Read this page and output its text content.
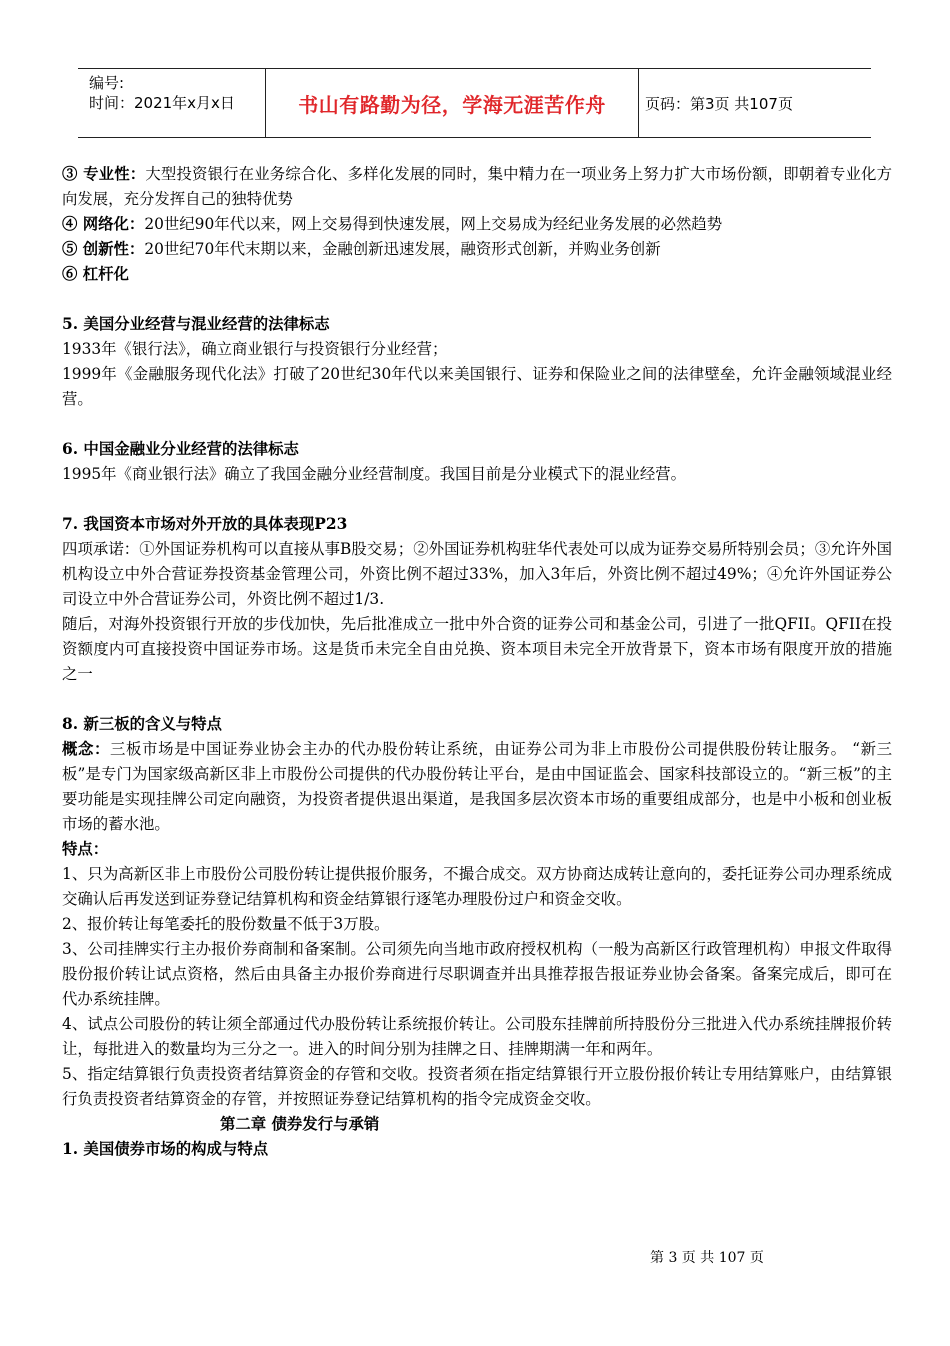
编号:
时间：2021年x月x日	书山有路勤为径，学海无涯苦作舟	页码：第3页 共107页

③ 专业性：大型投资银行在业务综合化、多样化发展的同时，集中精力在一项业务上努力扩大市场份额，即朝着专业化方向发展，充分发挥自己的独特优势

④ 网络化：20世纪90年代以来，网上交易得到快速发展，网上交易成为经纪业务发展的必然趋势

⑤ 创新性：20世纪70年代末期以来，金融创新迅速发展，融资形式创新，并购业务创新

⑥ 杠杆化

5. 美国分业经营与混业经营的法律标志

1933年《银行法》，确立商业银行与投资银行分业经营；

1999年《金融服务现代化法》打破了20世纪30年代以来美国银行、证券和保险业之间的法律壁垒，允许金融领域混业经营。

6. 中国金融业分业经营的法律标志

1995年《商业银行法》确立了我国金融分业经营制度。我国目前是分业模式下的混业经营。

7. 我国资本市场对外开放的具体表现P23

四项承诺：①外国证券机构可以直接从事B股交易；②外国证券机构驻华代表处可以成为证券交易所特别会员；③允许外国机构设立中外合营证券投资基金管理公司，外资比例不超过33%，加入3年后，外资比例不超过49%；④允许外国证券公司设立中外合营证券公司，外资比例不超过1/3.

随后，对海外投资银行开放的步伐加快，先后批准成立一批中外合资的证券公司和基金公司，引进了一批QFII。QFII在投资额度内可直接投资中国证券市场。这是货币未完全自由兑换、资本项目未完全开放背景下，资本市场有限度开放的措施之一

8. 新三板的含义与特点

概念：三板市场是中国证券业协会主办的代办股份转让系统，由证券公司为非上市股份公司提供股份转让服务。 “新三板”是专门为国家级高新区非上市股份公司提供的代办股份转让平台，是由中国证监会、国家科技部设立的。“新三板”的主要功能是实现挂牌公司定向融资，为投资者提供退出渠道，是我国多层次资本市场的重要组成部分，也是中小板和创业板市场的蓄水池。

特点：

1、只为高新区非上市股份公司股份转让提供报价服务，不撮合成交。双方协商达成转让意向的，委托证券公司办理系统成交确认后再发送到证券登记结算机构和资金结算银行逐笔办理股份过户和资金交收。

2、报价转让每笔委托的股份数量不低于3万股。

3、公司挂牌实行主办报价券商制和备案制。公司须先向当地市政府授权机构（一般为高新区行政管理机构）申报文件取得股份报价转让试点资格，然后由具备主办报价券商进行尽职调查并出具推荐报告报证券业协会备案。备案完成后，即可在代办系统挂牌。

4、试点公司股份的转让须全部通过代办股份转让系统报价转让。公司股东挂牌前所持股份分三批进入代办系统挂牌报价转让，每批进入的数量均为三分之一。进入的时间分别为挂牌之日、挂牌期满一年和两年。

5、指定结算银行负责投资者结算资金的存管和交收。投资者须在指定结算银行开立股份报价转让专用结算账户，由结算银行负责投资者结算资金的存管，并按照证券登记结算机构的指令完成资金交收。

第二章 债券发行与承销

1. 美国债券市场的构成与特点

第 3 页 共 107 页
